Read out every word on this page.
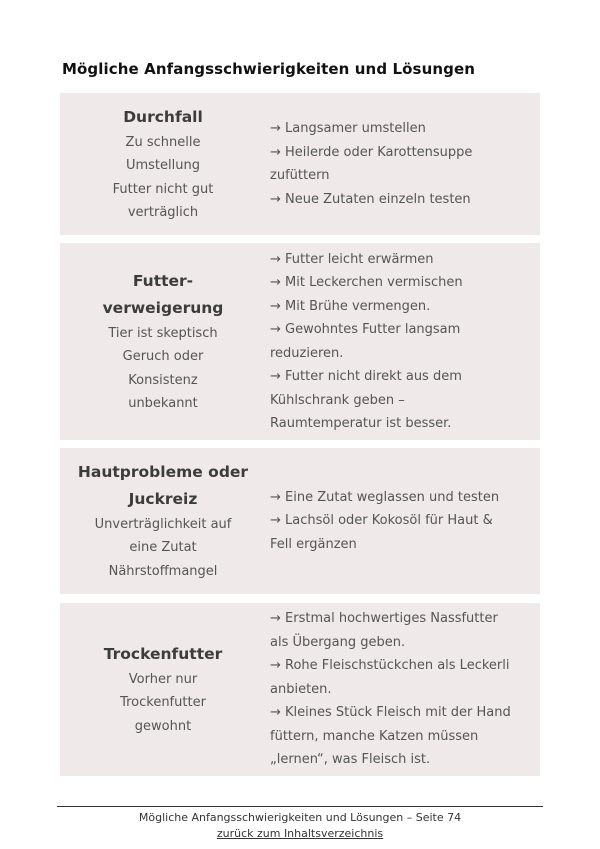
Mögliche Anfangsschwierigkeiten und Lösungen
Durchfall
Zu schnelle
Umstellung
Futter nicht gut
verträglich
→ Langsamer umstellen
→ Heilerde oder Karottensuppe
zufüttern
→ Neue Zutaten einzeln testen
Futter-
verweigerung
Tier ist skeptisch
Geruch oder
Konsistenz
unbekannt
→ Futter leicht erwärmen
→ Mit Leckerchen vermischen
→ Mit Brühe vermengen.
→ Gewohntes Futter langsam
reduzieren.
→ Futter nicht direkt aus dem
Kühlschrank geben –
Raumtemperatur ist besser.
Hautprobleme oder
Juckreiz
Unverträglichkeit auf
eine Zutat
Nährstoffmangel
→ Eine Zutat weglassen und testen
→ Lachsöl oder Kokosöl für Haut &
Fell ergänzen
Trockenfutter
Vorher nur
Trockenfutter
gewohnt
→ Erstmal hochwertiges Nassfutter
als Übergang geben.
→ Rohe Fleischstückchen als Leckerli
anbieten.
→ Kleines Stück Fleisch mit der Hand
füttern, manche Katzen müssen
„lernen“, was Fleisch ist.
Mögliche Anfangsschwierigkeiten und Lösungen – Seite 74
zurück zum Inhaltsverzeichnis
